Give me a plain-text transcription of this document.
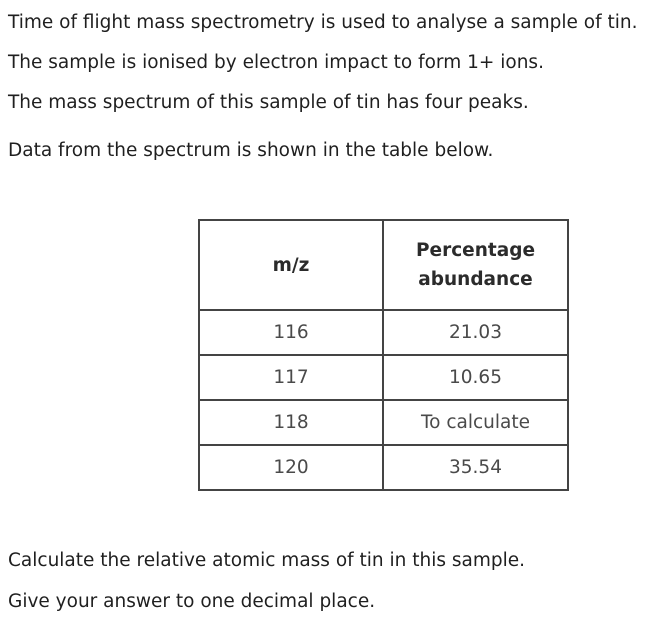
Time of flight mass spectrometry is used to analyse a sample of tin.
The sample is ionised by electron impact to form 1+ ions.
The mass spectrum of this sample of tin has four peaks.
Data from the spectrum is shown in the table below.
m/z	Percentage abundance
116	21.03
117	10.65
118	To calculate
120	35.54
Calculate the relative atomic mass of tin in this sample.
Give your answer to one decimal place.
